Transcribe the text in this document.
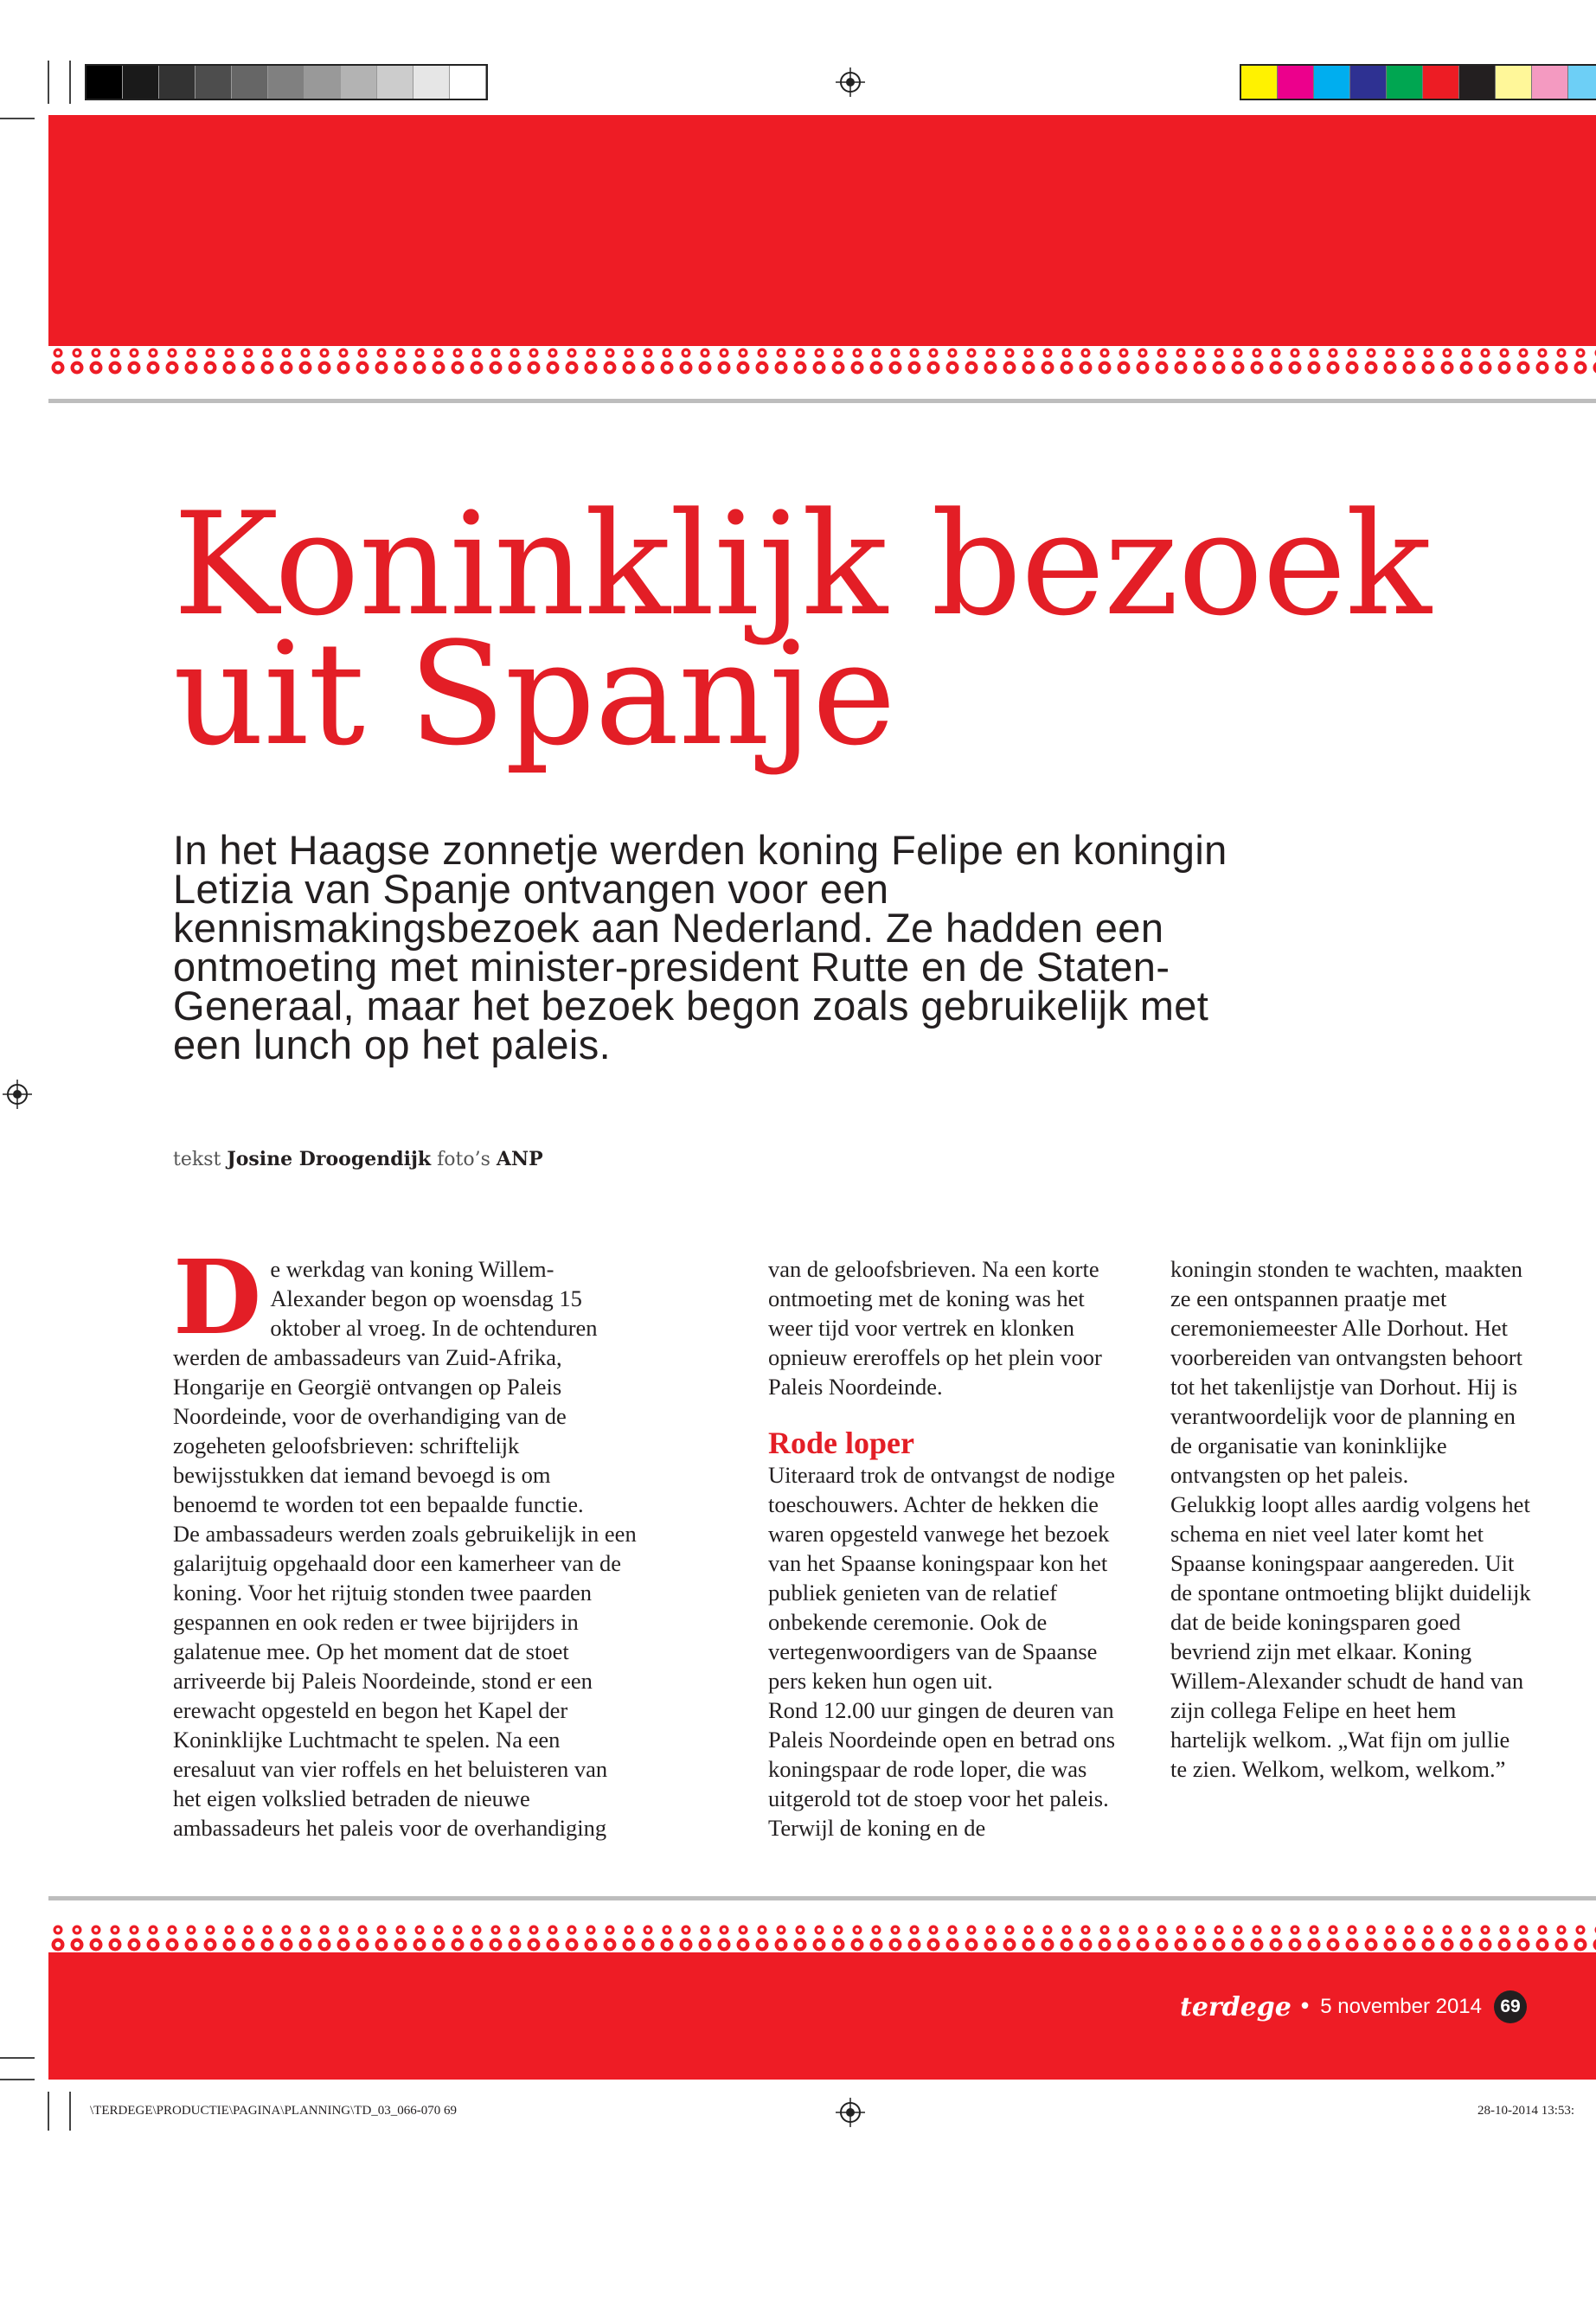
Koninklijk bezoek uit Spanje

In het Haagse zonnetje werden koning Felipe en koningin Letizia van Spanje ontvangen voor een kennismakingsbezoek aan Nederland. Ze hadden een ontmoeting met minister-president Rutte en de Staten-Generaal, maar het bezoek begon zoals gebruikelijk met een lunch op het paleis.

tekst Josine Droogendijk foto’s ANP
D e werkdag van koning Willem-Alexander begon op woensdag 15 oktober al vroeg. In de ochtenduren werden de ambassadeurs van Zuid-Afrika, Hongarije en Georgië ontvangen op Paleis Noordeinde, voor de overhandiging van de zogeheten geloofsbrieven: schriftelijk bewijsstukken dat iemand bevoegd is om benoemd te worden tot een bepaalde functie.

De ambassadeurs werden zoals gebruikelijk in een galarijtuig opgehaald door een kamerheer van de koning. Voor het rijtuig stonden twee paarden gespannen en ook reden er twee bijrijders in galatenue mee. Op het moment dat de stoet arriveerde bij Paleis Noordeinde, stond er een erewacht opgesteld en begon het Kapel der Koninklijke Luchtmacht te spelen. Na een eresaluut van vier roffels en het beluisteren van het eigen volkslied betraden de nieuwe ambassadeurs het paleis voor de overhandiging

van de geloofsbrieven. Na een korte ontmoeting met de koning was het weer tijd voor vertrek en klonken opnieuw ereroffels op het plein voor Paleis Noordeinde.

Rode loper

Uiteraard trok de ontvangst de nodige toeschouwers. Achter de hekken die waren opgesteld vanwege het bezoek van het Spaanse koningspaar kon het publiek genieten van de relatief onbekende ceremonie. Ook de vertegenwoordigers van de Spaanse pers keken hun ogen uit.

Rond 12.00 uur gingen de deuren van Paleis Noordeinde open en betrad ons koningspaar de rode loper, die was uitgerold tot de stoep voor het paleis. Terwijl de koning en de

koningin stonden te wachten, maakten ze een ontspannen praatje met ceremoniemeester Alle Dorhout. Het voorbereiden van ontvangsten behoort tot het takenlijstje van Dorhout. Hij is verantwoordelijk voor de planning en de organisatie van koninklijke ontvangsten op het paleis.

Gelukkig loopt alles aardig volgens het schema en niet veel later komt het Spaanse koningspaar aangereden. Uit de spontane ontmoeting blijkt duidelijk dat de beide koningsparen goed bevriend zijn met elkaar. Koning Willem-Alexander schudt de hand van zijn collega Felipe en heet hem hartelijk welkom. „Wat fijn om jullie te zien. Welkom, welkom, welkom.”

terdege • 5 november 2014	69
\TERDEGE\PRODUCTIE\PAGINA\PLANNING\TD_03_066-070 69	28-10-2014 13:53:
